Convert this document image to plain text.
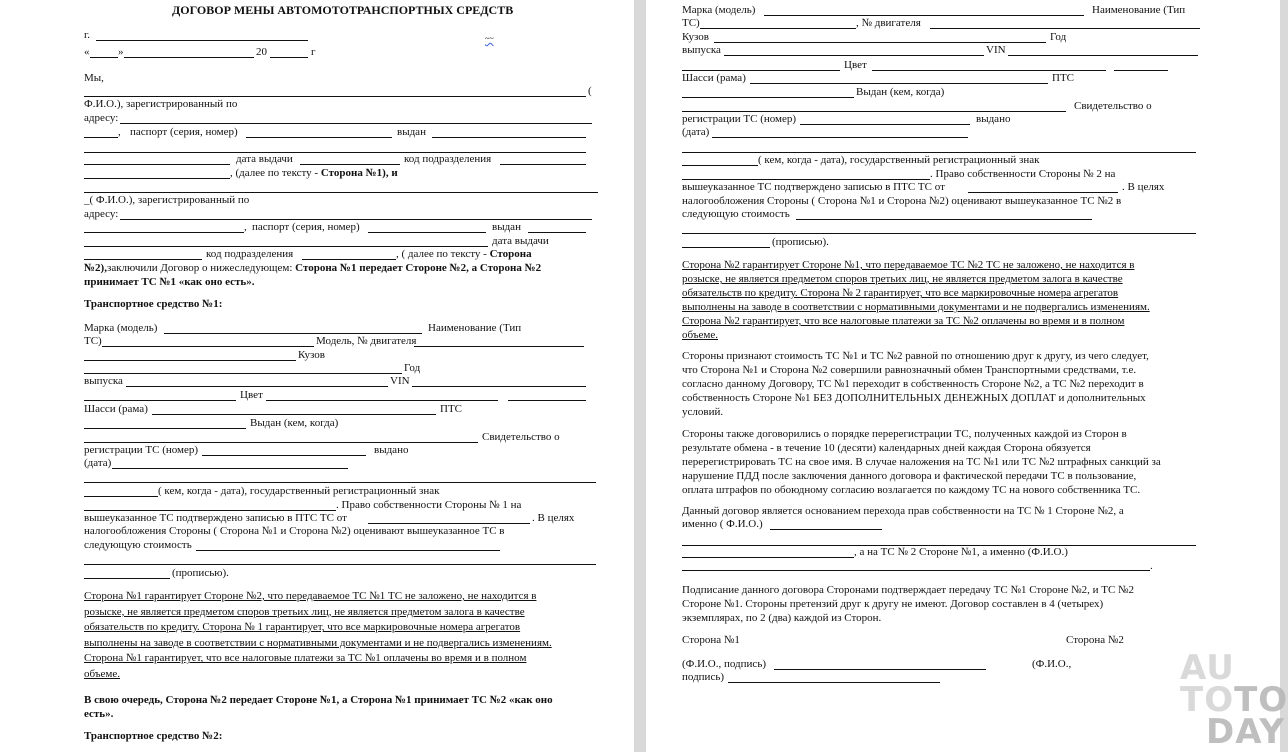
ДОГОВОР МЕНЫ АВТОМОТОТРАНСПОРТНЫХ СРЕДСТВ
г.	~~
«	»	20	г
Мы,
(
Ф.И.О.), зарегистрированный по
адресу:
, паспорт (серия, номер)	выдан
дата выдачи	код подразделения
, (далее по тексту - Сторона №1), и
_( Ф.И.О.), зарегистрированный по
адресу:
, паспорт (серия, номер)	выдан
дата выдачи
код подразделения	, ( далее по тексту - Сторона
№2),заключили Договор о нижеследующем: Сторона №1 передает Стороне №2, а Сторона №2
принимает ТС №1 «как оно есть».
Транспортное средство №1:
Марка (модель)	Наименование (Тип
ТС)	Модель, № двигателя
Кузов
Год
выпуска	VIN
Цвет
Шасси (рама)	ПТС
Выдан (кем, когда)
Свидетельство о
регистрации ТС (номер)	выдано
(дата)
( кем, когда - дата), государственный регистрационный знак
. Право собственности Стороны № 1 на
вышеуказанное ТС подтверждено записью в ПТС ТС от	. В целях
налогообложения Стороны ( Сторона №1 и Сторона №2) оценивают вышеуказанное ТС в
следующую стоимость
(прописью).
Сторона №1 гарантирует Стороне №2, что передаваемое ТС №1 ТС не заложено, не находится в
розыске, не является предметом споров третьих лиц, не является предметом залога в качестве
обязательств по кредиту. Сторона № 1 гарантирует, что все маркировочные номера агрегатов
выполнены на заводе в соответствии с нормативными документами и не подвергались изменениям.
Сторона №1 гарантирует, что все налоговые платежи за ТС №1 оплачены во время и в полном
объеме.
В свою очередь, Сторона №2 передает Стороне №1, а Сторона №1 принимает ТС №2 «как оно
есть».
Транспортное средство №2:
Марка (модель)	Наименование (Тип
ТС)	, № двигателя
Кузов	Год
выпуска	VIN
Цвет
Шасси (рама)	ПТС
Выдан (кем, когда)
Свидетельство о
регистрации ТС (номер)	выдано
(дата)
( кем, когда - дата), государственный регистрационный знак
. Право собственности Стороны № 2 на
вышеуказанное ТС подтверждено записью в ПТС ТС от	. В целях
налогообложения Стороны ( Сторона №1 и Сторона №2) оценивают вышеуказанное ТС №2 в
следующую стоимость
(прописью).
Сторона №2 гарантирует Стороне №1, что передаваемое ТС №2 ТС не заложено, не находится в
розыске, не является предметом споров третьих лиц, не является предметом залога в качестве
обязательств по кредиту. Сторона № 2 гарантирует, что все маркировочные номера агрегатов
выполнены на заводе в соответствии с нормативными документами и не подвергались изменениям.
Сторона №2 гарантирует, что все налоговые платежи за ТС №2 оплачены во время и в полном
объеме.
Стороны признают стоимость ТС №1 и ТС №2 равной по отношению друг к другу, из чего следует,
что Сторона №1 и Сторона №2 совершили равнозначный обмен Транспортными средствами, т.е.
согласно данному Договору, ТС №1 переходит в собственность Стороне №2, а ТС №2 переходит в
собственность Стороне №1 БЕЗ ДОПОЛНИТЕЛЬНЫХ ДЕНЕЖНЫХ ДОПЛАТ и дополнительных
условий.
Стороны также договорились о порядке перерегистрации ТС, полученных каждой из Сторон в
результате обмена - в течение 10 (десяти) календарных дней каждая Сторона обязуется
перерегистрировать ТС на свое имя. В случае наложения на ТС №1 или ТС №2 штрафных санкций за
нарушение ПДД после заключения данного договора и фактической передачи ТС в пользование,
оплата штрафов по обоюдному согласию возлагается по каждому ТС на нового собственника ТС.
Данный договор является основанием перехода прав собственности на ТС № 1 Стороне №2, а
именно ( Ф.И.О.)
, а на ТС № 2 Стороне №1, а именно (Ф.И.О.)
.
Подписание данного договора Сторонами подтверждает передачу ТС №1 Стороне №2, и ТС №2
Стороне №1. Стороны претензий друг к другу не имеют. Договор составлен в 4 (четырех)
экземплярах, по 2 (два) каждой из Сторон.
Сторона №1	Сторона №2
(Ф.И.О., подпись)	(Ф.И.О.,
подпись)	AU
TOTO
DAY
